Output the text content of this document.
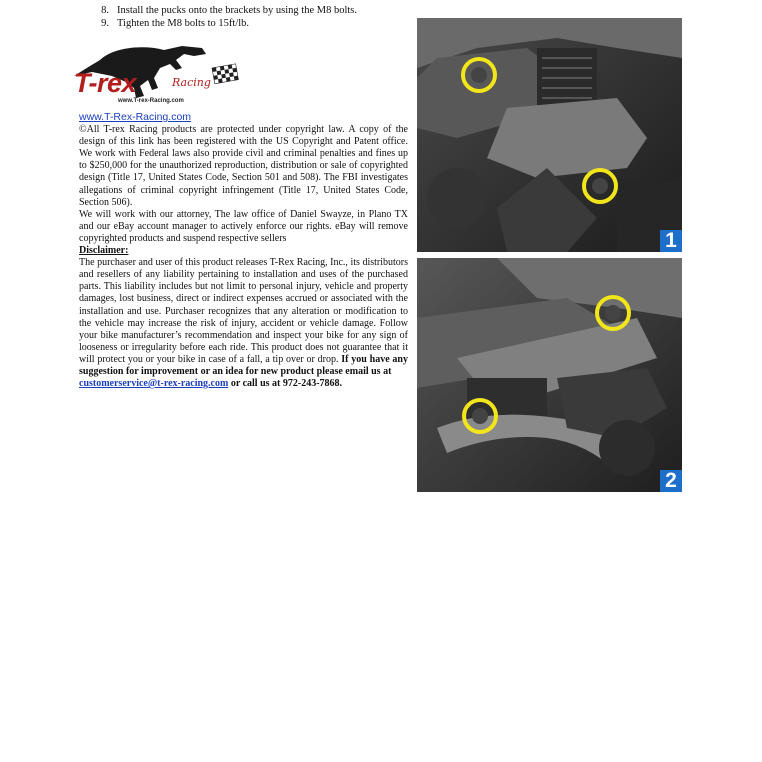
8. Install the pucks onto the brackets by using the M8 bolts.
9. Tighten the M8 bolts to 15ft/lb.
T-rex	Racing
www.T-rex-Racing.com
www.T-Rex-Racing.com

©All T-rex Racing products are protected under copyright law. A copy of the design of this link has been registered with the US Copyright and Patent office. We work with Federal laws also provide civil and criminal penalties and fines up to $250,000 for the unauthorized reproduction, distribution or sale of copyrighted design (Title 17, United States Code, Section 501 and 508). The FBI investigates allegations of criminal copyright infringement (Title 17, United States Code, Section 506).

We will work with our attorney, The law office of Daniel Swayze, in Plano TX and our eBay account manager to actively enforce our rights. eBay will remove copyrighted products and suspend respective sellers

Disclaimer:

The purchaser and user of this product releases T-Rex Racing, Inc., its distributors and resellers of any liability pertaining to installation and uses of the purchased parts. This liability includes but not limit to personal injury, vehicle and property damages, lost business, direct or indirect expenses accrued or associated with the installation and use. Purchaser recognizes that any alteration or modification to the vehicle may increase the risk of injury, accident or vehicle damage. Follow your bike manufacturer’s recommendation and inspect your bike for any sign of looseness or irregularity before each ride. This product does not guarantee that it will protect you or your bike in case of a fall, a tip over or drop. If you have any suggestion for improvement or an idea for new product please email us at
customerservice@t-rex-racing.com or call us at 972-243-7868.

1
2
